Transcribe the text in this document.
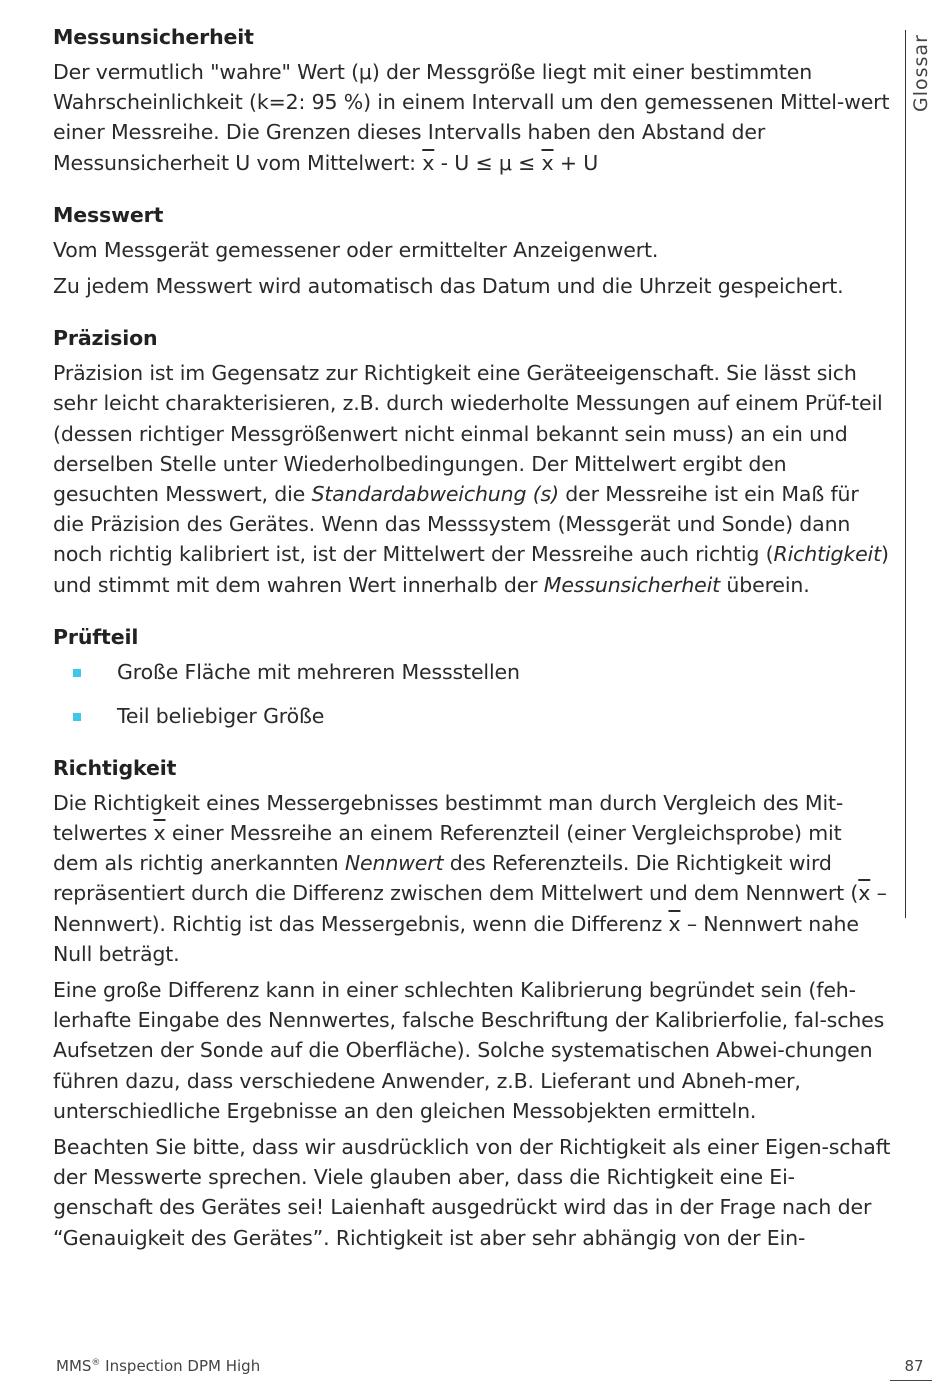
Messunsicherheit

Der vermutlich "wahre" Wert (μ) der Messgröße liegt mit einer bestimmten Wahrscheinlichkeit (k=2: 95 %) in einem Intervall um den gemessenen Mittel-wert einer Messreihe. Die Grenzen dieses Intervalls haben den Abstand der Messunsicherheit U vom Mittelwert: $\overline{x} - U \le \mu \le \overline{x} + U$

Messwert

Vom Messgerät gemessener oder ermittelter Anzeigenwert.

Zu jedem Messwert wird automatisch das Datum und die Uhrzeit gespeichert.

Präzision

Präzision ist im Gegensatz zur Richtigkeit eine Geräteeigenschaft. Sie lässt sich sehr leicht charakterisieren, z.B. durch wiederholte Messungen auf einem Prüf-teil (dessen richtiger Messgrößenwert nicht einmal bekannt sein muss) an ein und derselben Stelle unter Wiederholbedingungen. Der Mittelwert ergibt den gesuchten Messwert, die Standardabweichung (s) der Messreihe ist ein Maß für die Präzision des Gerätes. Wenn das Messsystem (Messgerät und Sonde) dann noch richtig kalibriert ist, ist der Mittelwert der Messreihe auch richtig (Richtigkeit) und stimmt mit dem wahren Wert innerhalb der Messunsicherheit überein.

Prüfteil
Große Fläche mit mehreren Messstellen
Teil beliebiger Größe
Richtigkeit

Die Richtigkeit eines Messergebnisses bestimmt man durch Vergleich des Mit-telwertes $\overline{x}$ einer Messreihe an einem Referenzteil (einer Vergleichsprobe) mit dem als richtig anerkannten Nennwert des Referenzteils. Die Richtigkeit wird repräsentiert durch die Differenz zwischen dem Mittelwert und dem Nennwert ($\overline{x}$ – Nennwert). Richtig ist das Messergebnis, wenn die Differenz $\overline{x}$ – Nennwert nahe Null beträgt.

Eine große Differenz kann in einer schlechten Kalibrierung begründet sein (feh-lerhafte Eingabe des Nennwertes, falsche Beschriftung der Kalibrierfolie, fal-sches Aufsetzen der Sonde auf die Oberfläche). Solche systematischen Abwei-chungen führen dazu, dass verschiedene Anwender, z.B. Lieferant und Abneh-mer, unterschiedliche Ergebnisse an den gleichen Messobjekten ermitteln.

Beachten Sie bitte, dass wir ausdrücklich von der Richtigkeit als einer Eigen-schaft der Messwerte sprechen. Viele glauben aber, dass die Richtigkeit eine Ei-genschaft des Gerätes sei! Laienhaft ausgedrückt wird das in der Frage nach der “Genauigkeit des Gerätes”. Richtigkeit ist aber sehr abhängig von der Ein-

Glossar
MMS® Inspection DPM High	87
